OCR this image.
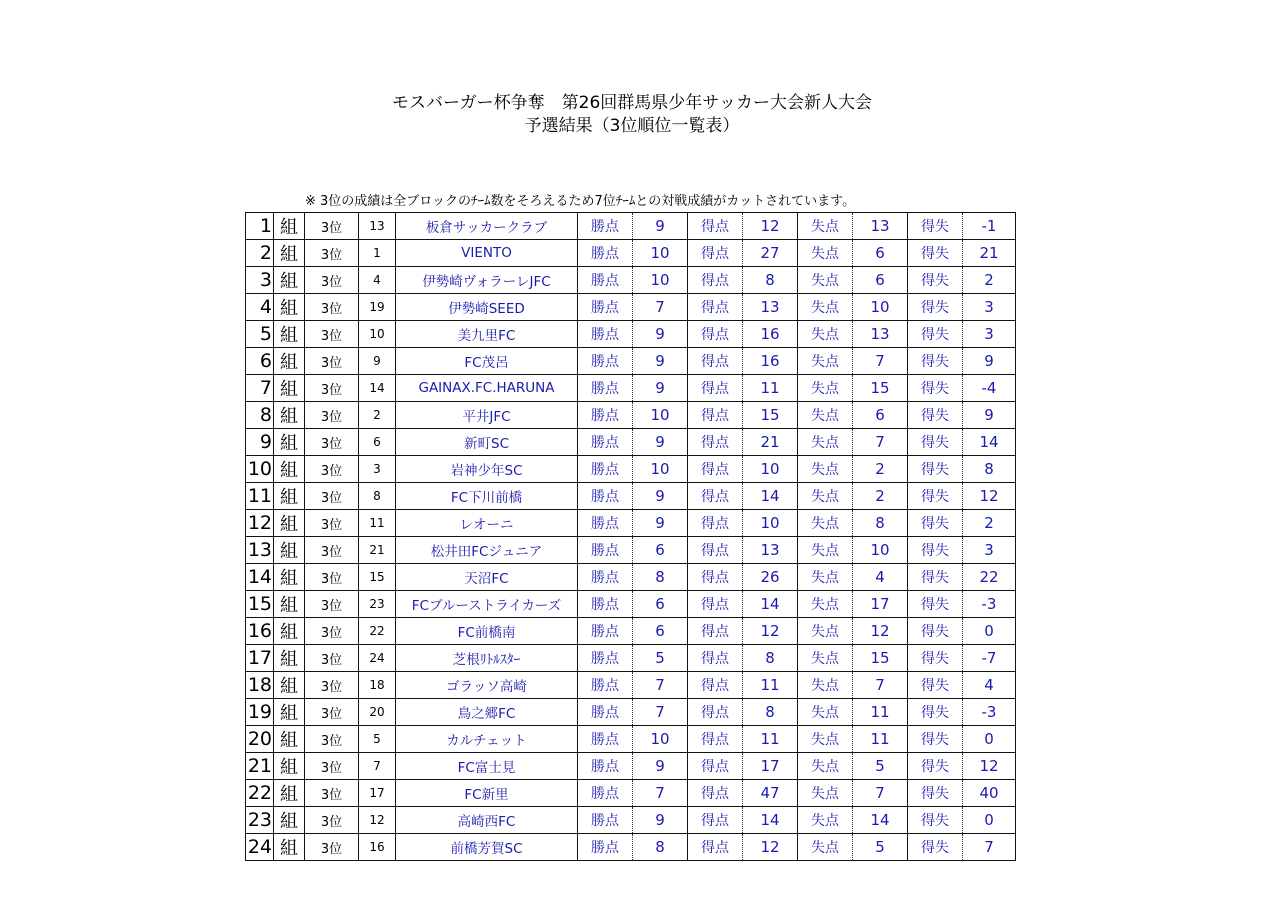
モスバーガー杯争奪　第26回群馬県少年サッカー大会新人大会
予選結果（3位順位一覧表）
※ 3位の成績は全ブロックのﾁｰﾑ数をそろえるため7位ﾁｰﾑとの対戦成績がカットされています。
1	組	3位	13	板倉サッカークラブ	勝点	9	得点	12	失点	13	得失	-1
2	組	3位	1	VIENTO	勝点	10	得点	27	失点	6	得失	21
3	組	3位	4	伊勢崎ヴォラーレJFC	勝点	10	得点	8	失点	6	得失	2
4	組	3位	19	伊勢崎SEED	勝点	7	得点	13	失点	10	得失	3
5	組	3位	10	美九里FC	勝点	9	得点	16	失点	13	得失	3
6	組	3位	9	FC茂呂	勝点	9	得点	16	失点	7	得失	9
7	組	3位	14	GAINAX.FC.HARUNA	勝点	9	得点	11	失点	15	得失	-4
8	組	3位	2	平井JFC	勝点	10	得点	15	失点	6	得失	9
9	組	3位	6	新町SC	勝点	9	得点	21	失点	7	得失	14
10	組	3位	3	岩神少年SC	勝点	10	得点	10	失点	2	得失	8
11	組	3位	8	FC下川前橋	勝点	9	得点	14	失点	2	得失	12
12	組	3位	11	レオーニ	勝点	9	得点	10	失点	8	得失	2
13	組	3位	21	松井田FCジュニア	勝点	6	得点	13	失点	10	得失	3
14	組	3位	15	天沼FC	勝点	8	得点	26	失点	4	得失	22
15	組	3位	23	FCブルーストライカーズ	勝点	6	得点	14	失点	17	得失	-3
16	組	3位	22	FC前橋南	勝点	6	得点	12	失点	12	得失	0
17	組	3位	24	芝根ﾘﾄﾙｽﾀｰ	勝点	5	得点	8	失点	15	得失	-7
18	組	3位	18	ゴラッソ高崎	勝点	7	得点	11	失点	7	得失	4
19	組	3位	20	鳥之郷FC	勝点	7	得点	8	失点	11	得失	-3
20	組	3位	5	カルチェット	勝点	10	得点	11	失点	11	得失	0
21	組	3位	7	FC富士見	勝点	9	得点	17	失点	5	得失	12
22	組	3位	17	FC新里	勝点	7	得点	47	失点	7	得失	40
23	組	3位	12	高崎西FC	勝点	9	得点	14	失点	14	得失	0
24	組	3位	16	前橋芳賀SC	勝点	8	得点	12	失点	5	得失	7
